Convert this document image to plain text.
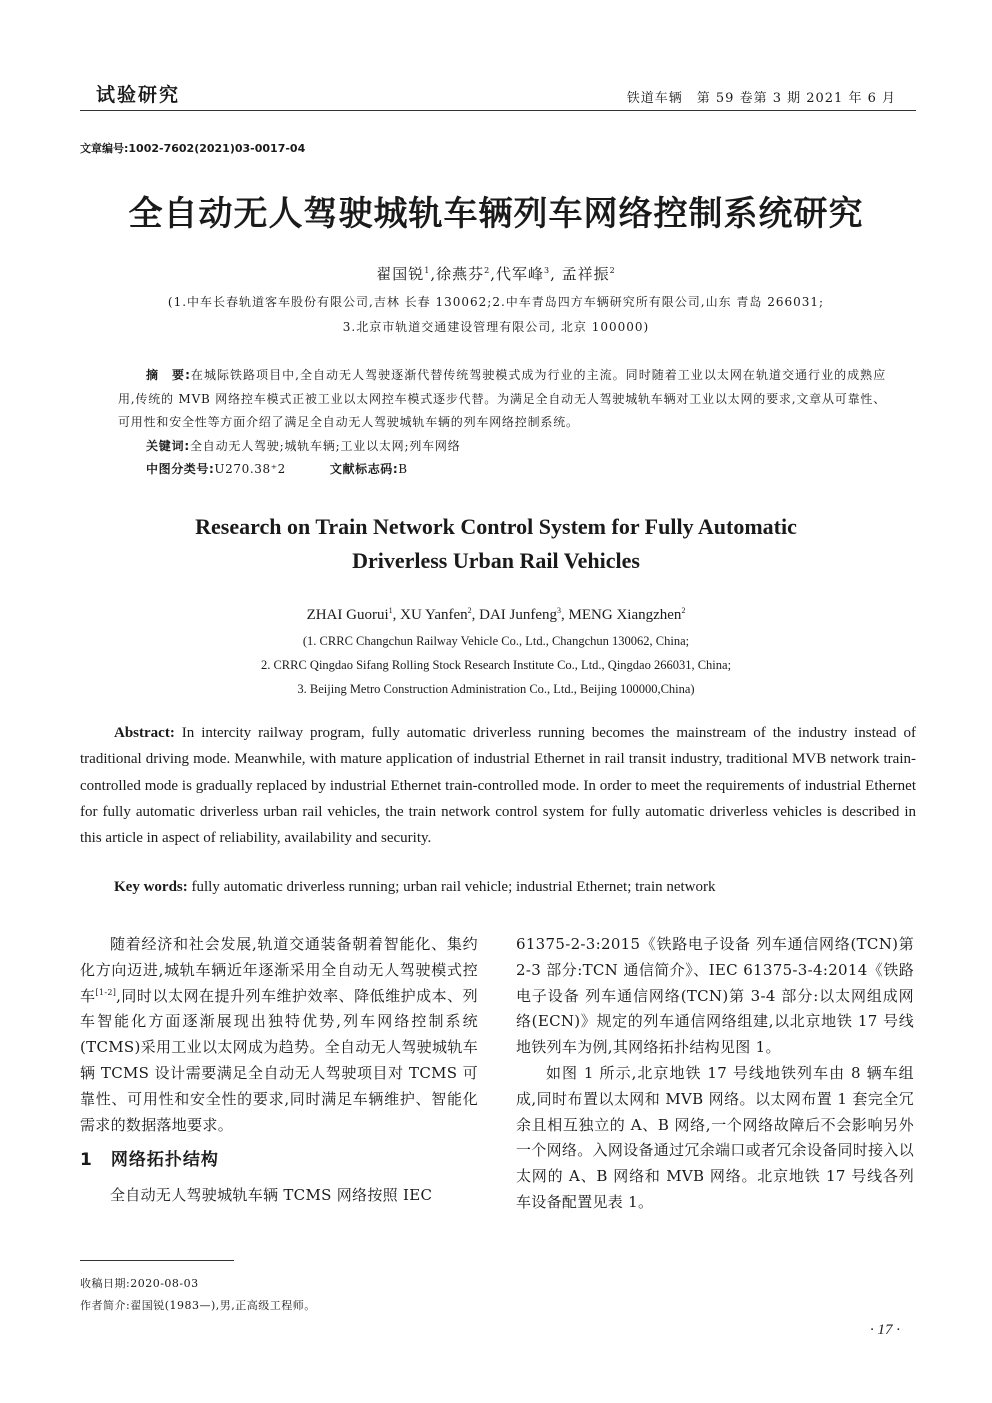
试验研究	铁道车辆　第 59 卷第 3 期 2021 年 6 月
文章编号:1002-7602(2021)03-0017-04
全自动无人驾驶城轨车辆列车网络控制系统研究
翟国锐$^1$,徐燕芬$^2$,代军峰$^3$, 孟祥振$^2$
(1.中车长春轨道客车股份有限公司,吉林 长春 130062;2.中车青岛四方车辆研究所有限公司,山东 青岛 266031;
3.北京市轨道交通建设管理有限公司, 北京 100000)
摘　要:在城际铁路项目中,全自动无人驾驶逐渐代替传统驾驶模式成为行业的主流。同时随着工业以太网在轨道交通行业的成熟应用,传统的 MVB 网络控车模式正被工业以太网控车模式逐步代替。为满足全自动无人驾驶城轨车辆对工业以太网的要求,文章从可靠性、可用性和安全性等方面介绍了满足全自动无人驾驶城轨车辆的列车网络控制系统。
关键词:全自动无人驾驶;城轨车辆;工业以太网;列车网络
中图分类号:U270.38⁺2	文献标志码:B
Research on Train Network Control System for Fully Automatic
Driverless Urban Rail Vehicles
ZHAI Guorui$^1$, XU Yanfen$^2$, DAI Junfeng$^3$, MENG Xiangzhen$^2$
(1. CRRC Changchun Railway Vehicle Co., Ltd., Changchun 130062, China;
2. CRRC Qingdao Sifang Rolling Stock Research Institute Co., Ltd., Qingdao 266031, China;
3. Beijing Metro Construction Administration Co., Ltd., Beijing 100000,China)
Abstract: In intercity railway program, fully automatic driverless running becomes the mainstream of the industry instead of traditional driving mode. Meanwhile, with mature application of industrial Ethernet in rail transit industry, traditional MVB network train-controlled mode is gradually replaced by industrial Ethernet train-controlled mode. In order to meet the requirements of industrial Ethernet for fully automatic driverless urban rail vehicles, the train network control system for fully automatic driverless vehicles is described in this article in aspect of reliability, availability and security.
Key words: fully automatic driverless running; urban rail vehicle; industrial Ethernet; train network

随着经济和社会发展,轨道交通装备朝着智能化、集约化方向迈进,城轨车辆近年逐渐采用全自动无人驾驶模式控车[1-2],同时以太网在提升列车维护效率、降低维护成本、列车智能化方面逐渐展现出独特优势,列车网络控制系统(TCMS)采用工业以太网成为趋势。全自动无人驾驶城轨车辆 TCMS 设计需要满足全自动无人驾驶项目对 TCMS 可靠性、可用性和安全性的要求,同时满足车辆维护、智能化需求的数据落地要求。

1 网络拓扑结构

全自动无人驾驶城轨车辆 TCMS 网络按照 IEC

61375-2-3:2015《铁路电子设备 列车通信网络(TCN)第 2-3 部分:TCN 通信简介》、IEC 61375-3-4:2014《铁路电子设备 列车通信网络(TCN)第 3-4 部分:以太网组成网络(ECN)》规定的列车通信网络组建,以北京地铁 17 号线地铁列车为例,其网络拓扑结构见图 1。

如图 1 所示,北京地铁 17 号线地铁列车由 8 辆车组成,同时布置以太网和 MVB 网络。以太网布置 1 套完全冗余且相互独立的 A、B 网络,一个网络故障后不会影响另外一个网络。入网设备通过冗余端口或者冗余设备同时接入以太网的 A、B 网络和 MVB 网络。北京地铁 17 号线各列车设备配置见表 1。

收稿日期:2020-08-03
作者简介:翟国锐(1983—),男,正高级工程师。
· 17 ·
